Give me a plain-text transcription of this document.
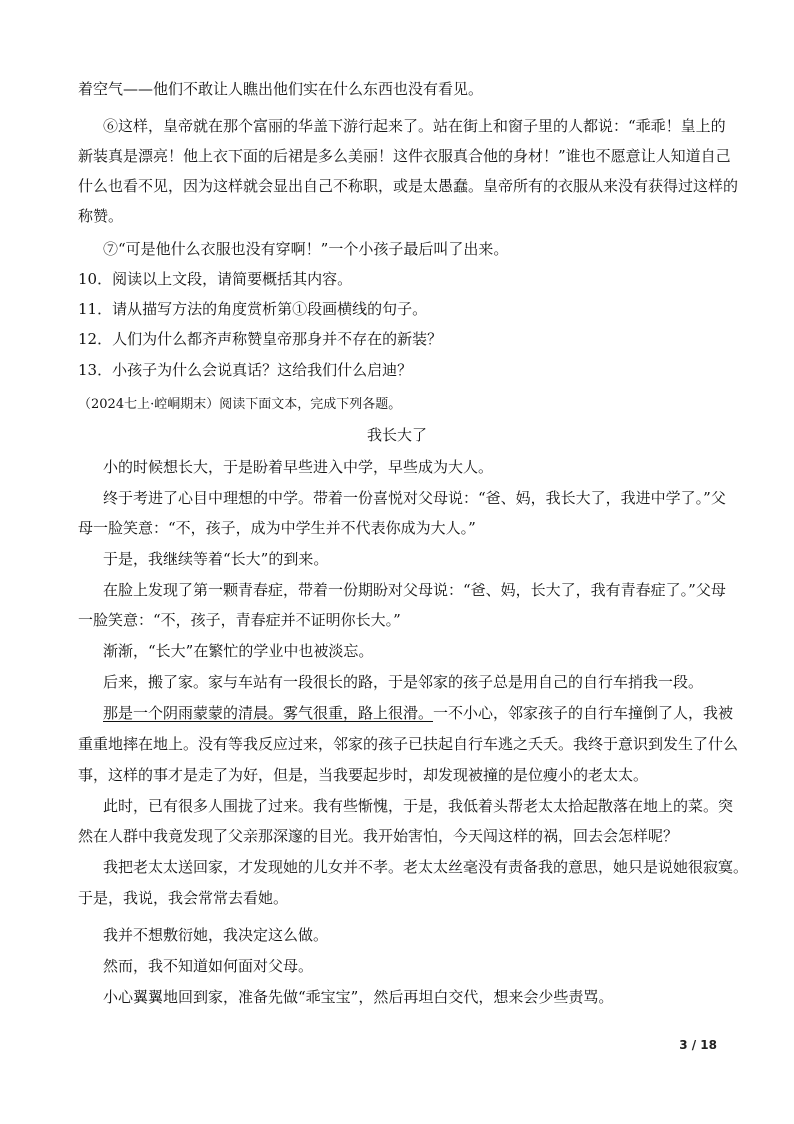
着空气——他们不敢让人瞧出他们实在什么东西也没有看见。
⑥这样，皇帝就在那个富丽的华盖下游行起来了。站在街上和窗子里的人都说：“乖乖！皇上的
新装真是漂亮！他上衣下面的后裙是多么美丽！这件衣服真合他的身材！”谁也不愿意让人知道自己
什么也看不见，因为这样就会显出自己不称职，或是太愚蠢。皇帝所有的衣服从来没有获得过这样的
称赞。
⑦“可是他什么衣服也没有穿啊！”一个小孩子最后叫了出来。
10．阅读以上文段，请简要概括其内容。
11．请从描写方法的角度赏析第①段画横线的句子。
12．人们为什么都齐声称赞皇帝那身并不存在的新装？
13．小孩子为什么会说真话？这给我们什么启迪？
（2024七上·崆峒期末）阅读下面文本，完成下列各题。
我长大了
小的时候想长大，于是盼着早些进入中学，早些成为大人。
终于考进了心目中理想的中学。带着一份喜悦对父母说：“爸、妈，我长大了，我进中学了。”父
母一脸笑意：“不，孩子，成为中学生并不代表你成为大人。”
于是，我继续等着“长大”的到来。
在脸上发现了第一颗青春症，带着一份期盼对父母说：“爸、妈，长大了，我有青春症了。”父母
一脸笑意：“不，孩子，青春症并不证明你长大。”
渐渐，“长大”在繁忙的学业中也被淡忘。
后来，搬了家。家与车站有一段很长的路，于是邻家的孩子总是用自己的自行车捎我一段。
那是一个阴雨蒙蒙的清晨。雾气很重，路上很滑。一不小心，邻家孩子的自行车撞倒了人，我被
重重地摔在地上。没有等我反应过来，邻家的孩子已扶起自行车逃之夭夭。我终于意识到发生了什么
事，这样的事才是走了为好，但是，当我要起步时，却发现被撞的是位瘦小的老太太。
此时，已有很多人围拢了过来。我有些惭愧，于是，我低着头帮老太太拾起散落在地上的菜。突
然在人群中我竟发现了父亲那深邃的目光。我开始害怕，今天闯这样的祸，回去会怎样呢？
我把老太太送回家，才发现她的儿女并不孝。老太太丝毫没有责备我的意思，她只是说她很寂寞。
于是，我说，我会常常去看她。
我并不想敷衍她，我决定这么做。
然而，我不知道如何面对父母。
小心翼翼地回到家，准备先做“乖宝宝”，然后再坦白交代，想来会少些责骂。
3 / 18
